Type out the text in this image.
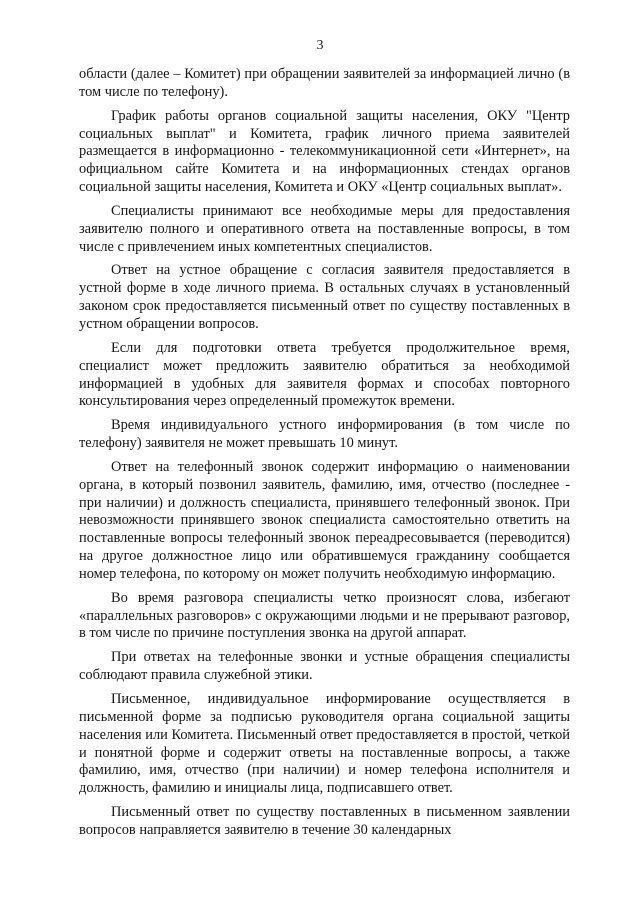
3

области (далее – Комитет) при обращении заявителей за информацией лично (в том числе по телефону).

График работы органов социальной защиты населения, ОКУ "Центр социальных выплат" и Комитета, график личного приема заявителей размещается в информационно - телекоммуникационной сети «Интернет», на официальном сайте Комитета и на информационных стендах органов социальной защиты населения, Комитета и ОКУ «Центр социальных выплат».

Специалисты принимают все необходимые меры для предоставления заявителю полного и оперативного ответа на поставленные вопросы, в том числе с привлечением иных компетентных специалистов.

Ответ на устное обращение с согласия заявителя предоставляется в устной форме в ходе личного приема. В остальных случаях в установленный законом срок предоставляется письменный ответ по существу поставленных в устном обращении вопросов.

Если для подготовки ответа требуется продолжительное время, специалист может предложить заявителю обратиться за необходимой информацией в удобных для заявителя формах и способах повторного консультирования через определенный промежуток времени.

Время индивидуального устного информирования (в том числе по телефону) заявителя не может превышать 10 минут.

Ответ на телефонный звонок содержит информацию о наименовании органа, в который позвонил заявитель, фамилию, имя, отчество (последнее - при наличии) и должность специалиста, принявшего телефонный звонок. При невозможности принявшего звонок специалиста самостоятельно ответить на поставленные вопросы телефонный звонок переадресовывается (переводится) на другое должностное лицо или обратившемуся гражданину сообщается номер телефона, по которому он может получить необходимую информацию.

Во время разговора специалисты четко произносят слова, избегают «параллельных разговоров» с окружающими людьми и не прерывают разговор, в том числе по причине поступления звонка на другой аппарат.

При ответах на телефонные звонки и устные обращения специалисты соблюдают правила служебной этики.

Письменное, индивидуальное информирование осуществляется в письменной форме за подписью руководителя органа социальной защиты населения или Комитета. Письменный ответ предоставляется в простой, четкой и понятной форме и содержит ответы на поставленные вопросы, а также фамилию, имя, отчество (при наличии) и номер телефона исполнителя и должность, фамилию и инициалы лица, подписавшего ответ.

Письменный ответ по существу поставленных в письменном заявлении вопросов направляется заявителю в течение 30 календарных
